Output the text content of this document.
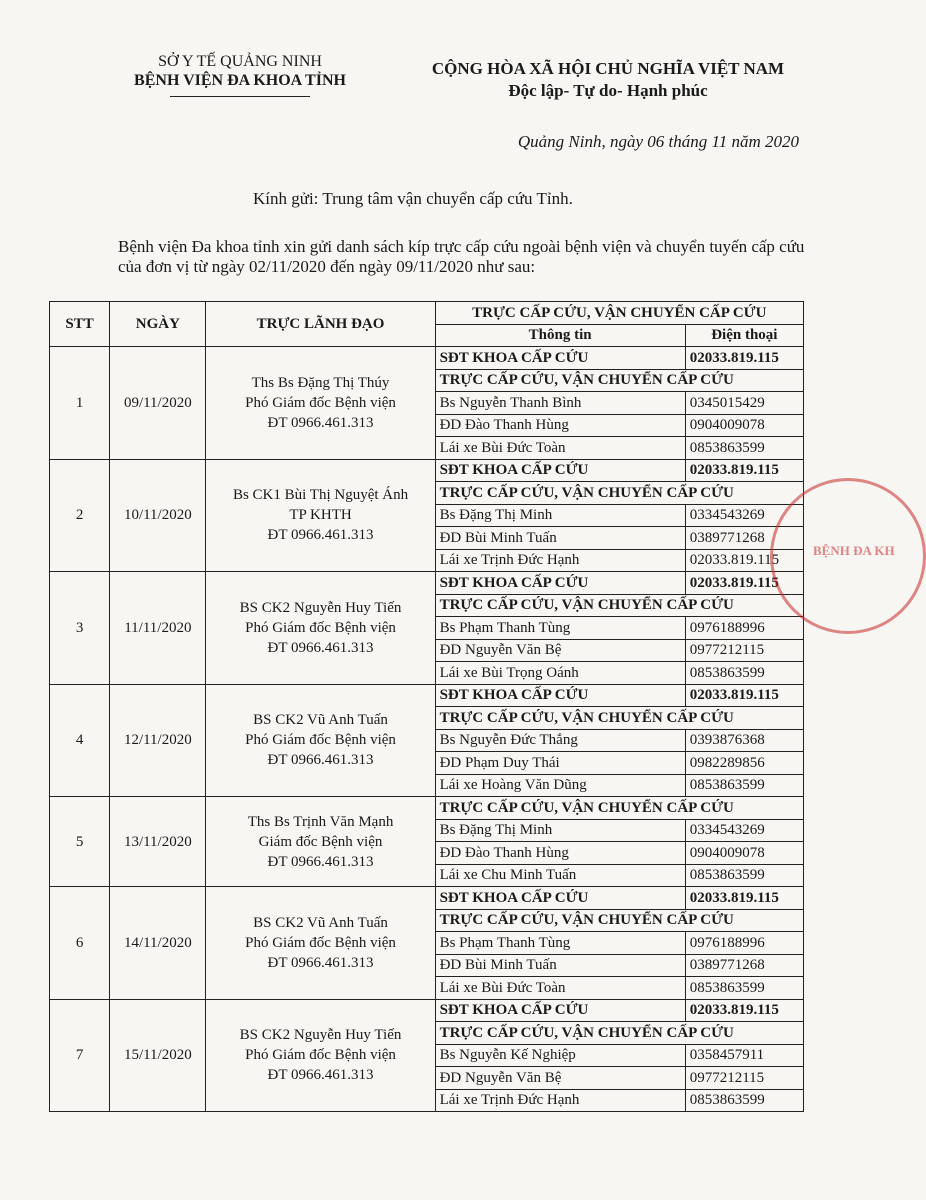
SỞ Y TẾ QUẢNG NINH
BỆNH VIỆN ĐA KHOA TỈNH
CỘNG HÒA XÃ HỘI CHỦ NGHĨA VIỆT NAM
Độc lập- Tự do- Hạnh phúc
Quảng Ninh, ngày 06 tháng 11 năm 2020
Kính gửi: Trung tâm vận chuyển cấp cứu Tỉnh.
Bệnh viện Đa khoa tỉnh xin gửi danh sách kíp trực cấp cứu ngoài bệnh viện và chuyển tuyến cấp cứu của đơn vị từ ngày 02/11/2020 đến ngày 09/11/2020 như sau:
STT	NGÀY	TRỰC LÃNH ĐẠO	TRỰC CẤP CỨU, VẬN CHUYỂN CẤP CỨU	
			Thông tin	Điện thoại
1	09/11/2020	Ths Bs Đặng Thị Thúy
Phó Giám đốc Bệnh viện
ĐT 0966.461.313	SĐT KHOA CẤP CỨU	02033.819.115
			TRỰC CẤP CỨU, VẬN CHUYỂN CẤP CỨU	
			Bs Nguyễn Thanh Bình	0345015429
			ĐD Đào Thanh Hùng	0904009078
			Lái xe Bùi Đức Toàn	0853863599
2	10/11/2020	Bs CK1 Bùi Thị Nguyệt Ánh
TP KHTH
ĐT 0966.461.313	SĐT KHOA CẤP CỨU	02033.819.115
			TRỰC CẤP CỨU, VẬN CHUYỂN CẤP CỨU	
			Bs Đặng Thị Minh	0334543269
			ĐD Bùi Minh Tuấn	0389771268
			Lái xe Trịnh Đức Hạnh	02033.819.115
3	11/11/2020	BS CK2 Nguyễn Huy Tiến
Phó Giám đốc Bệnh viện
ĐT 0966.461.313	SĐT KHOA CẤP CỨU	02033.819.115
			TRỰC CẤP CỨU, VẬN CHUYỂN CẤP CỨU	
			Bs Phạm Thanh Tùng	0976188996
			ĐD Nguyễn Văn Bệ	0977212115
			Lái xe Bùi Trọng Oánh	0853863599
4	12/11/2020	BS CK2 Vũ Anh Tuấn
Phó Giám đốc Bệnh viện
ĐT 0966.461.313	SĐT KHOA CẤP CỨU	02033.819.115
			TRỰC CẤP CỨU, VẬN CHUYỂN CẤP CỨU	
			Bs Nguyễn Đức Thắng	0393876368
			ĐD Phạm Duy Thái	0982289856
			Lái xe Hoàng Văn Dũng	0853863599
5	13/11/2020	Ths Bs Trịnh Văn Mạnh
Giám đốc Bệnh viện
ĐT 0966.461.313	TRỰC CẤP CỨU, VẬN CHUYỂN CẤP CỨU	
			Bs Đặng Thị Minh	0334543269
			ĐD Đào Thanh Hùng	0904009078
			Lái xe Chu Minh Tuấn	0853863599
6	14/11/2020	BS CK2 Vũ Anh Tuấn
Phó Giám đốc Bệnh viện
ĐT 0966.461.313	SĐT KHOA CẤP CỨU	02033.819.115
			TRỰC CẤP CỨU, VẬN CHUYỂN CẤP CỨU	
			Bs Phạm Thanh Tùng	0976188996
			ĐD Bùi Minh Tuấn	0389771268
			Lái xe Bùi Đức Toàn	0853863599
7	15/11/2020	BS CK2 Nguyễn Huy Tiến
Phó Giám đốc Bệnh viện
ĐT 0966.461.313	SĐT KHOA CẤP CỨU	02033.819.115
			TRỰC CẤP CỨU, VẬN CHUYỂN CẤP CỨU	
			Bs Nguyễn Kế Nghiệp	0358457911
			ĐD Nguyễn Văn Bệ	0977212115
			Lái xe Trịnh Đức Hạnh	0853863599
BỆNH ĐA KH
